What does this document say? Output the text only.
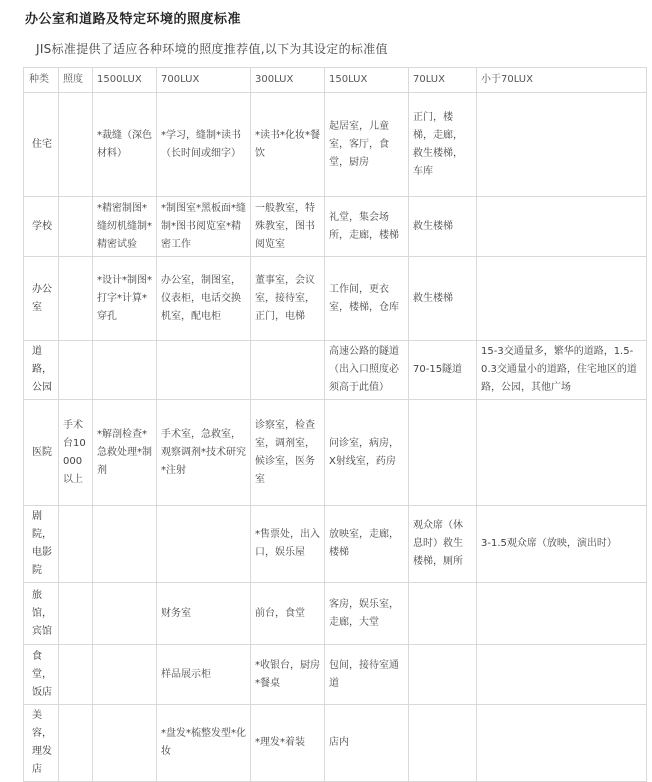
办公室和道路及特定环境的照度标准
JIS标准提供了适应各种环境的照度推荐值,以下为其设定的标准值
种类	照度	1500LUX	700LUX	300LUX	150LUX	70LUX	小于70LUX
住宅		*裁缝（深色材料）	*学习，缝制*读书（长时间或细字）	*读书*化妆*餐饮	起居室，儿童室，客厅，食堂，厨房	正门，楼梯，走廊，救生楼梯，车库	
学校		*精密制图*缝纫机缝制*精密试验	*制图室*黑板面*缝制*图书阅览室*精密工作	一般教室，特殊教室，图书阅览室	礼堂，集会场所，走廊，楼梯	救生楼梯	
办公室		*设计*制图*打字*计算*穿孔	办公室，制图室，仪表柜，电话交换机室，配电柜	董事室，会议室，接待室，正门，电梯	工作间，更衣室，楼梯，仓库	救生楼梯	
道路，公园					高速公路的隧道（出入口照度必须高于此值）	70-15隧道	15-3交通量多，繁华的道路，1.5-0.3交通量小的道路，住宅地区的道路，公园，其他广场
医院	手术台10000以上	*解剖检查*急救处理*制剂	手术室，急救室，观察调剂*技术研究*注射	诊察室，检查室，调剂室，候诊室，医务室	问诊室，病房，X射线室，药房		
剧院，电影院				*售票处，出入口，娱乐屋	放映室，走廊，楼梯	观众席（休息时）救生楼梯，厕所	3-1.5观众席（放映，演出时）
旅馆，宾馆			财务室	前台，食堂	客房，娱乐室，走廊，大堂		
食堂，饭店			样品展示柜	*收银台，厨房*餐桌	包间，接待室通道		
美容，理发店			*盘发*梳整发型*化妆	*理发*着装	店内		
